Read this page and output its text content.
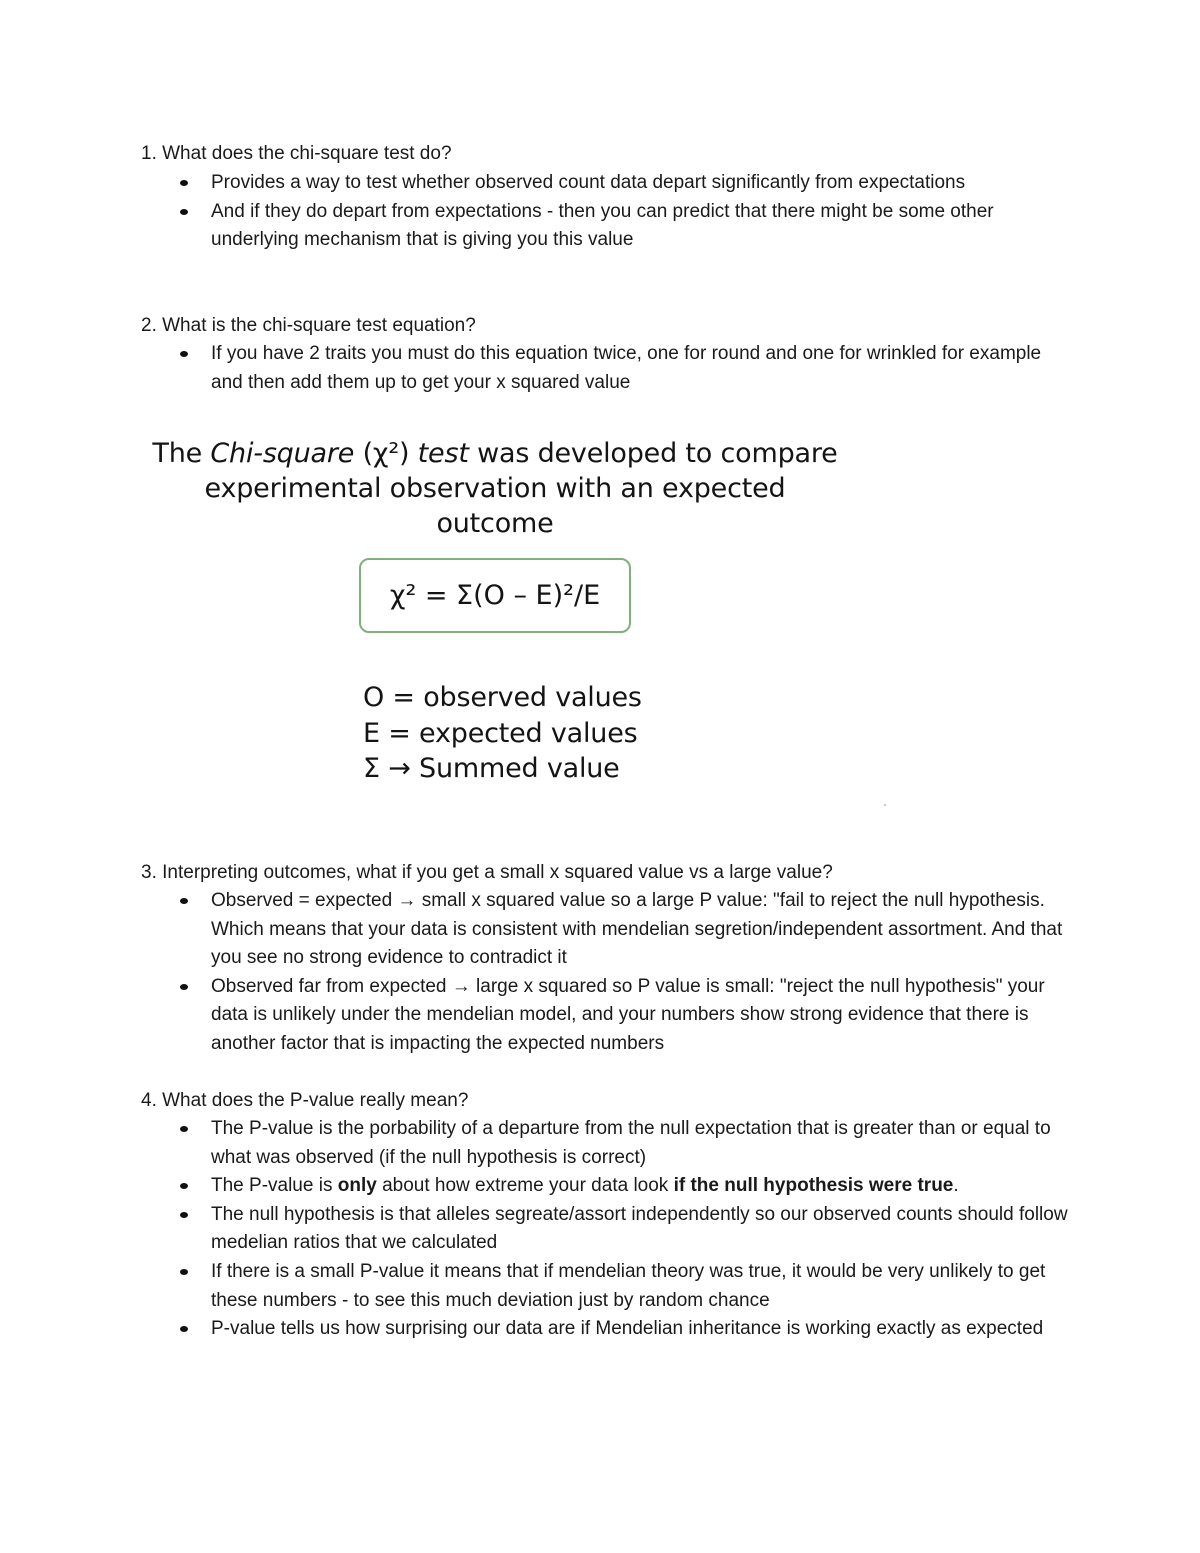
1. What does the chi-square test do?

Provides a way to test whether observed count data depart significantly from expectations
And if they do depart from expectations - then you can predict that there might be some other underlying mechanism that is giving you this value

2. What is the chi-square test equation?

If you have 2 traits you must do this equation twice, one for round and one for wrinkled for example and then add them up to get your x squared value
The Chi-square (χ²) test was developed to compare
experimental observation with an expected
outcome
χ² = Σ(O – E)²/E
O = observed values
E = expected values
Σ → Summed value

3. Interpreting outcomes, what if you get a small x squared value vs a large value?

Observed = expected → small x squared value so a large P value: "fail to reject the null hypothesis. Which means that your data is consistent with mendelian segretion/independent assortment. And that you see no strong evidence to contradict it
Observed far from expected → large x squared so P value is small: "reject the null hypothesis" your data is unlikely under the mendelian model, and your numbers show strong evidence that there is another factor that is impacting the expected numbers

4. What does the P-value really mean?

The P-value is the porbability of a departure from the null expectation that is greater than or equal to what was observed (if the null hypothesis is correct)
The P-value is only about how extreme your data look if the null hypothesis were true.
The null hypothesis is that alleles segreate/assort independently so our observed counts should follow medelian ratios that we calculated
If there is a small P-value it means that if mendelian theory was true, it would be very unlikely to get these numbers - to see this much deviation just by random chance
P-value tells us how surprising our data are if Mendelian inheritance is working exactly as expected
